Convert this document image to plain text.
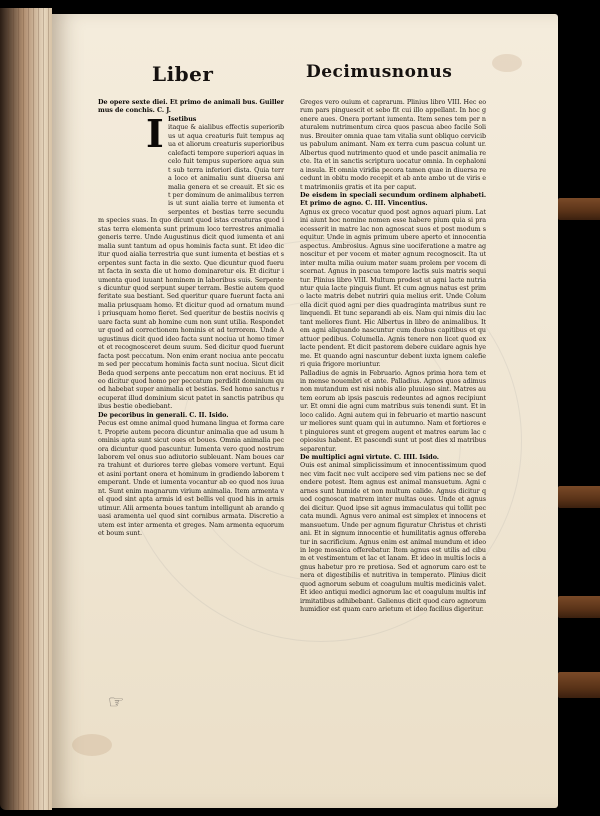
Liber	Decimusnonus

De opere sexte diei. Et primo de animali bus. Guillermus de conchis. C. J.

I Isetibus

itaque & aialibus effectis superioribus ut aqua creaturis fuit tempus aqua et aliorum creaturis superioribus calefacti tempore superiori aquas in celo fuit tempus superiore aqua sunt sub terra inferiori dista. Quia terra loco et animaliu sunt diuersa animalia genera et se creauit. Et sic est per dominum de animalibus terrenis ut sunt aialia terre et iumenta et serpentes et bestias terre secundum species suas. In quo dicunt quod istas creaturas quod istas terra elementa sunt primum loco terrestres animalia generis terre. Unde Augustinus dicit quod iumenta et animalia sunt tantum ad opus hominis facta sunt. Et ideo dicitur quod aialia terrestria que sunt iumenta et bestias et serpentes sunt facta in die sexto. Que dicuntur quod fuerunt facta in sexta die ut homo dominaretur eis. Et dicitur iumenta quod iuuant hominem in laboribus suis. Serpentes dicuntur quod serpunt super terram. Bestie autem quod feritate sua bestiant. Sed queritur quare fuerunt facta animalia priusquam homo. Et dicitur quod ad ornatum mundi priusquam homo fieret. Sed queritur de bestiis nocivis quare facta sunt ab homine cum non sunt utilia. Respondetur quod ad correctionem hominis et ad terrorem. Unde Augustinus dicit quod ideo facta sunt nociua ut homo timeret et recognosceret deum suum. Sed dicitur quod fuerunt facta post peccatum. Non enim erant nociua ante peccatum sed per peccatum hominis facta sunt nociua. Sicut dicit Beda quod serpens ante peccatum non erat nociuus. Et ideo dicitur quod homo per peccatum perdidit dominium quod habebat super animalia et bestias. Sed homo sanctus recuperat illud dominium sicut patet in sanctis patribus quibus bestie obediebant.

De pecoribus in generali. C. II. Isido.

Pecus est omne animal quod humana lingua et forma caret. Proprie autem pecora dicuntur animalia que ad usum hominis apta sunt sicut oues et boues. Omnia animalia pecora dicuntur quod pascuntur. Iumenta vero quod nostrum laborem vel onus suo adiutorio subleuant. Nam boues carra trahunt et duriores terre glebas vomere vertunt. Equi et asini portant onera et hominum in gradiendo laborem temperant. Unde et iumenta vocantur ab eo quod nos iuuant. Sunt enim magnarum virium animalia. Item armenta vel quod sint apta armis id est bellis vel quod his in armis utimur. Alii armenta boues tantum intelligunt ab arando quasi aramenta uel quod sint cornibus armata. Discretio autem est inter armenta et greges. Nam armenta equorum et boum sunt.

☞

Greges vero ouium et caprarum. Plinius libro VIII. Hec eorum pars pinguescit et sebo fit cui illo appellant. In hoc genere aues. Onera portant iumenta. Item senes tem per naturalem nutrimentum circa quos pascua abeo facile Solinus. Breuiter omnia quae tam vitalia sunt obliquo cervicibus pabulum animant. Nam ex terra cum pascua colunt ur. Albertus quod nutrimento quod et unde pascit animalia recte. Ita et in sanctis scriptura uocatur omnia. In cephalonia insula. Et omnia viridia pecora tamen quae in diuersa recedunt in obitu modo recepit et ab ante ambo ut de viris et matrimoniis gratis et ita per caput.

De eisdem in speciali secundum ordinem alphabeti. Et primo de agno. C. III. Vincentius.

Agnus ex greco vocatur quod post agnos aquari pium. Latini aiunt hoc nomine nomen esse habere pium quia si praecesserit in matre lac non agnoscat suos et post modum sequitur. Unde in agnis primum ubere aperto et innocentia aspectus. Ambrosius. Agnus sine uociferatione a matre agnoscitur et per vocem et mater agnum recognoscit. Ita ut inter multa milia ouium mater suam prolem per vocem discernat. Agnus in pascua tempore lactis suis matris sequitur. Plinius libro VIII. Multum prodest ut agni lacte nutriantur quia lacte pinguis fiunt. Et cum agnus natus est primo lacte matris debet nutriri quia melius erit. Unde Columella dicit quod agni per dies quadraginta matribus sunt relinquendi. Et tunc separandi ab eis. Nam qui nimis diu lactant meliores fiunt. Hic Albertus in libro de animalibus. Item agni aliquando nascuntur cum duobus capitibus et quattuor pedibus. Columella. Agnis tenere non licet quod ex lacte pendent. Et dicit pastorem debere cuidare agnis hyeme. Et quando agni nascuntur debent iuxta ignem calefieri quia frigore moriuntur.

Palladius de agnis in Februario. Agnos prima hora tem et in mense nouembri et ante. Palladius. Agnos quos adimus non mutandum est nisi nobis alio pluuioso sint. Matres autem eorum ab ipsis pascuis redeuntes ad agnos recipiuntur. Et omni die agni cum matribus suis tenendi sunt. Et in loco calido. Agni autem qui in februario et martio nascuntur meliores sunt quam qui in autumno. Nam et fortiores et pinguiores sunt et gregem augent et matres earum lac copiosius habent. Et pascendi sunt ut post dies xl matribus separentur.

De multiplici agni virtute. C. IIII. Isido.

Ouis est animal simplicissimum et innocentissimum quod nec vim facit nec vult accipere sed vim patiens nec se defendere potest. Item agnus est animal mansuetum. Agni carnes sunt humide et non multum calide. Agnus dicitur quod cognoscat matrem inter multas oues. Unde et agnus dei dicitur. Quod ipse sit agnus immaculatus qui tollit peccata mundi. Agnus vero animal est simplex et innocens et mansuetum. Unde per agnum figuratur Christus et christiani. Et in signum innocentie et humilitatis agnus offerebatur in sacrificium. Agnus enim est animal mundum et ideo in lege mosaica offerebatur. Item agnus est utilis ad cibum et vestimentum et lac et lanam. Et ideo in multis locis agnus habetur pro re pretiosa. Sed et agnorum caro est tenera et digestibilis et nutritiva in temperato. Plinius dicit quod agnorum sebum et coagulum multis medicinis valet. Et ideo antiqui medici agnorum lac et coagulum multis infirmitatibus adhibebant. Galienus dicit quod caro agnorum humidior est quam caro arietum et ideo facilius digeritur.
